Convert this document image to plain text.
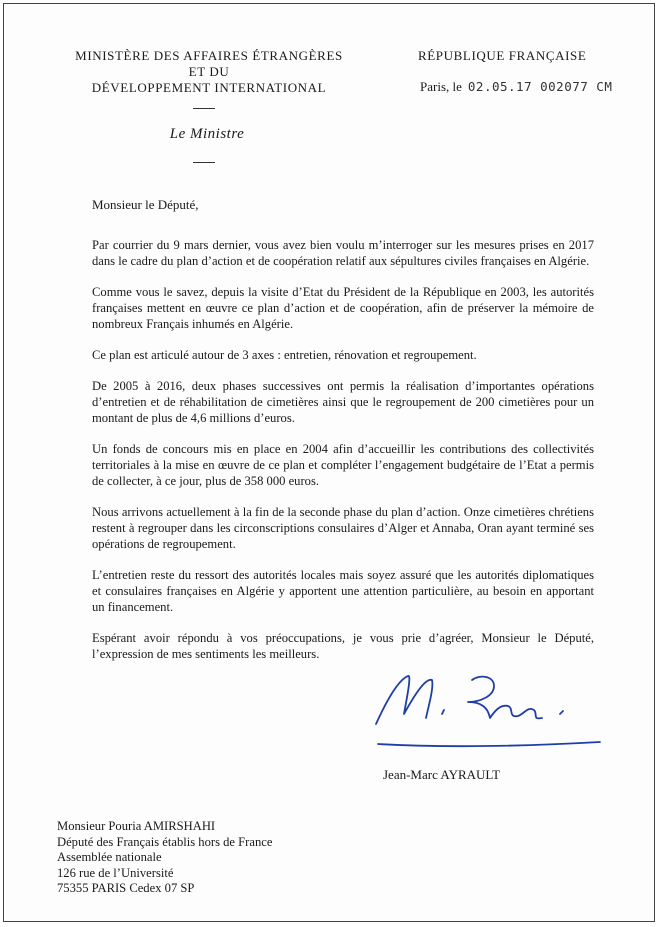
MINISTÈRE DES AFFAIRES ÉTRANGÈRES
ET DU
DÉVELOPPEMENT INTERNATIONAL
Le Ministre
RÉPUBLIQUE FRANÇAISE
Paris, le 02.05.17 002077 CM
Monsieur le Député,

Par courrier du 9 mars dernier, vous avez bien voulu m’interroger sur les mesures prises en 2017 dans le cadre du plan d’action et de coopération relatif aux sépultures civiles françaises en Algérie.

Comme vous le savez, depuis la visite d’Etat du Président de la République en 2003, les autorités françaises mettent en œuvre ce plan d’action et de coopération, afin de préserver la mémoire de nombreux Français inhumés en Algérie.

Ce plan est articulé autour de 3 axes : entretien, rénovation et regroupement.

De 2005 à 2016, deux phases successives ont permis la réalisation d’importantes opérations d’entretien et de réhabilitation de cimetières ainsi que le regroupement de 200 cimetières pour un montant de plus de 4,6 millions d’euros.

Un fonds de concours mis en place en 2004 afin d’accueillir les contributions des collectivités territoriales à la mise en œuvre de ce plan et compléter l’engagement budgétaire de l’Etat a permis de collecter, à ce jour, plus de 358 000 euros.

Nous arrivons actuellement à la fin de la seconde phase du plan d’action. Onze cimetières chrétiens restent à regrouper dans les circonscriptions consulaires d’Alger et Annaba, Oran ayant terminé ses opérations de regroupement.

L’entretien reste du ressort des autorités locales mais soyez assuré que les autorités diplomatiques et consulaires françaises en Algérie y apportent une attention particulière, au besoin en apportant un financement.

Espérant avoir répondu à vos préoccupations, je vous prie d’agréer, Monsieur le Député, l’expression de mes sentiments les meilleurs.

Jean-Marc AYRAULT
Monsieur Pouria AMIRSHAHI
Député des Français établis hors de France
Assemblée nationale
126 rue de l’Université
75355 PARIS Cedex 07 SP
